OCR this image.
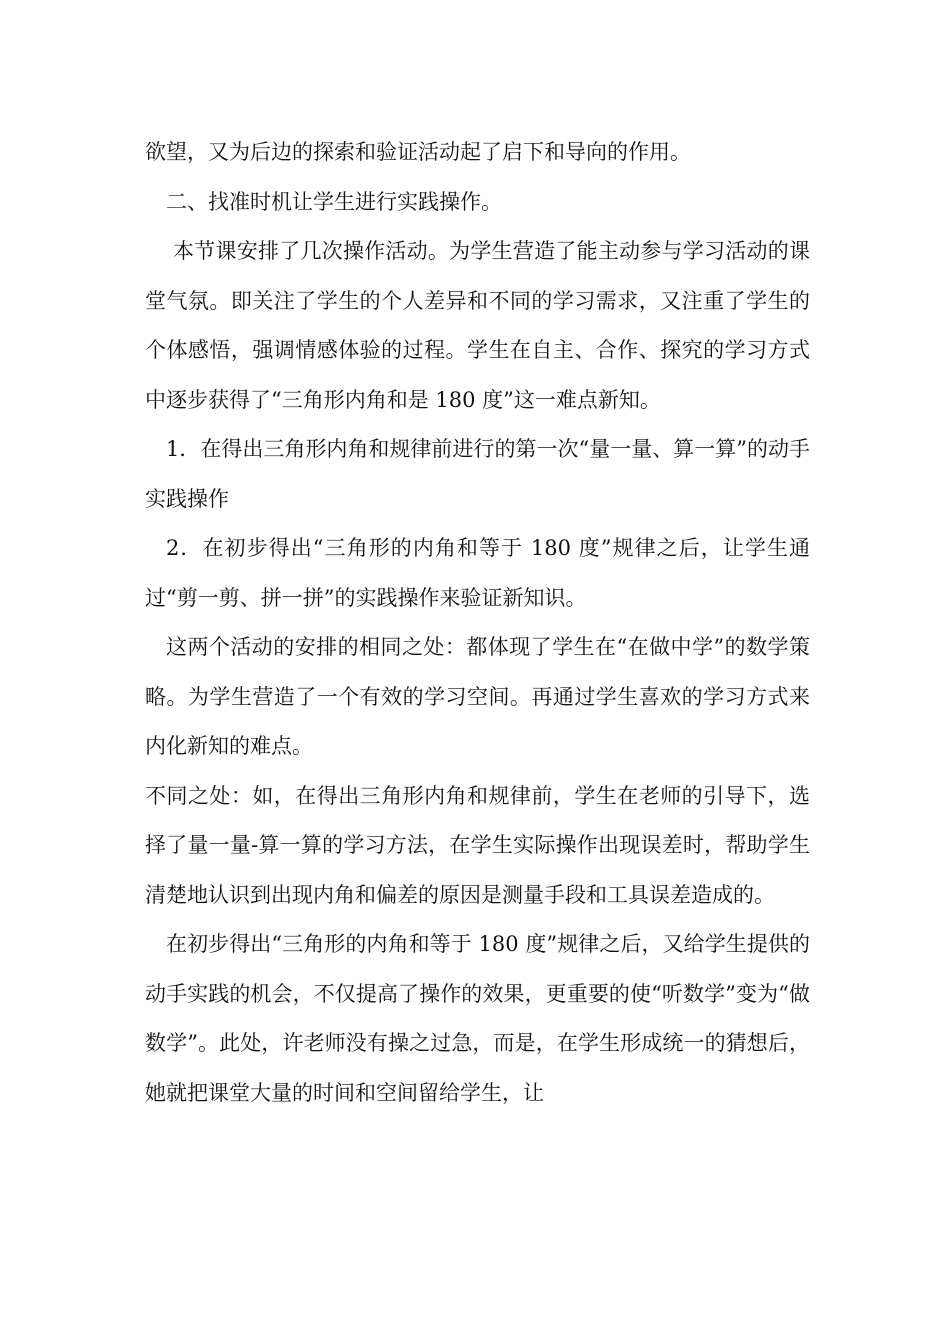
欲望，又为后边的探索和验证活动起了启下和导向的作用。

二、找准时机让学生进行实践操作。

本节课安排了几次操作活动。为学生营造了能主动参与学习活动的课堂气氛。即关注了学生的个人差异和不同的学习需求，又注重了学生的个体感悟，强调情感体验的过程。学生在自主、合作、探究的学习方式中逐步获得了“三角形内角和是 180 度”这一难点新知。

1．在得出三角形内角和规律前进行的第一次“量一量、算一算”的动手实践操作

2．在初步得出“三角形的内角和等于 180 度”规律之后，让学生通过“剪一剪、拼一拼”的实践操作来验证新知识。

这两个活动的安排的相同之处：都体现了学生在“在做中学”的数学策略。为学生营造了一个有效的学习空间。再通过学生喜欢的学习方式来内化新知的难点。

不同之处：如，在得出三角形内角和规律前，学生在老师的引导下，选择了量一量-算一算的学习方法，在学生实际操作出现误差时，帮助学生清楚地认识到出现内角和偏差的原因是测量手段和工具误差造成的。

在初步得出“三角形的内角和等于 180 度”规律之后，又给学生提供的动手实践的机会，不仅提高了操作的效果，更重要的使“听数学”变为“做数学”。此处，许老师没有操之过急，而是，在学生形成统一的猜想后，她就把课堂大量的时间和空间留给学生，让
